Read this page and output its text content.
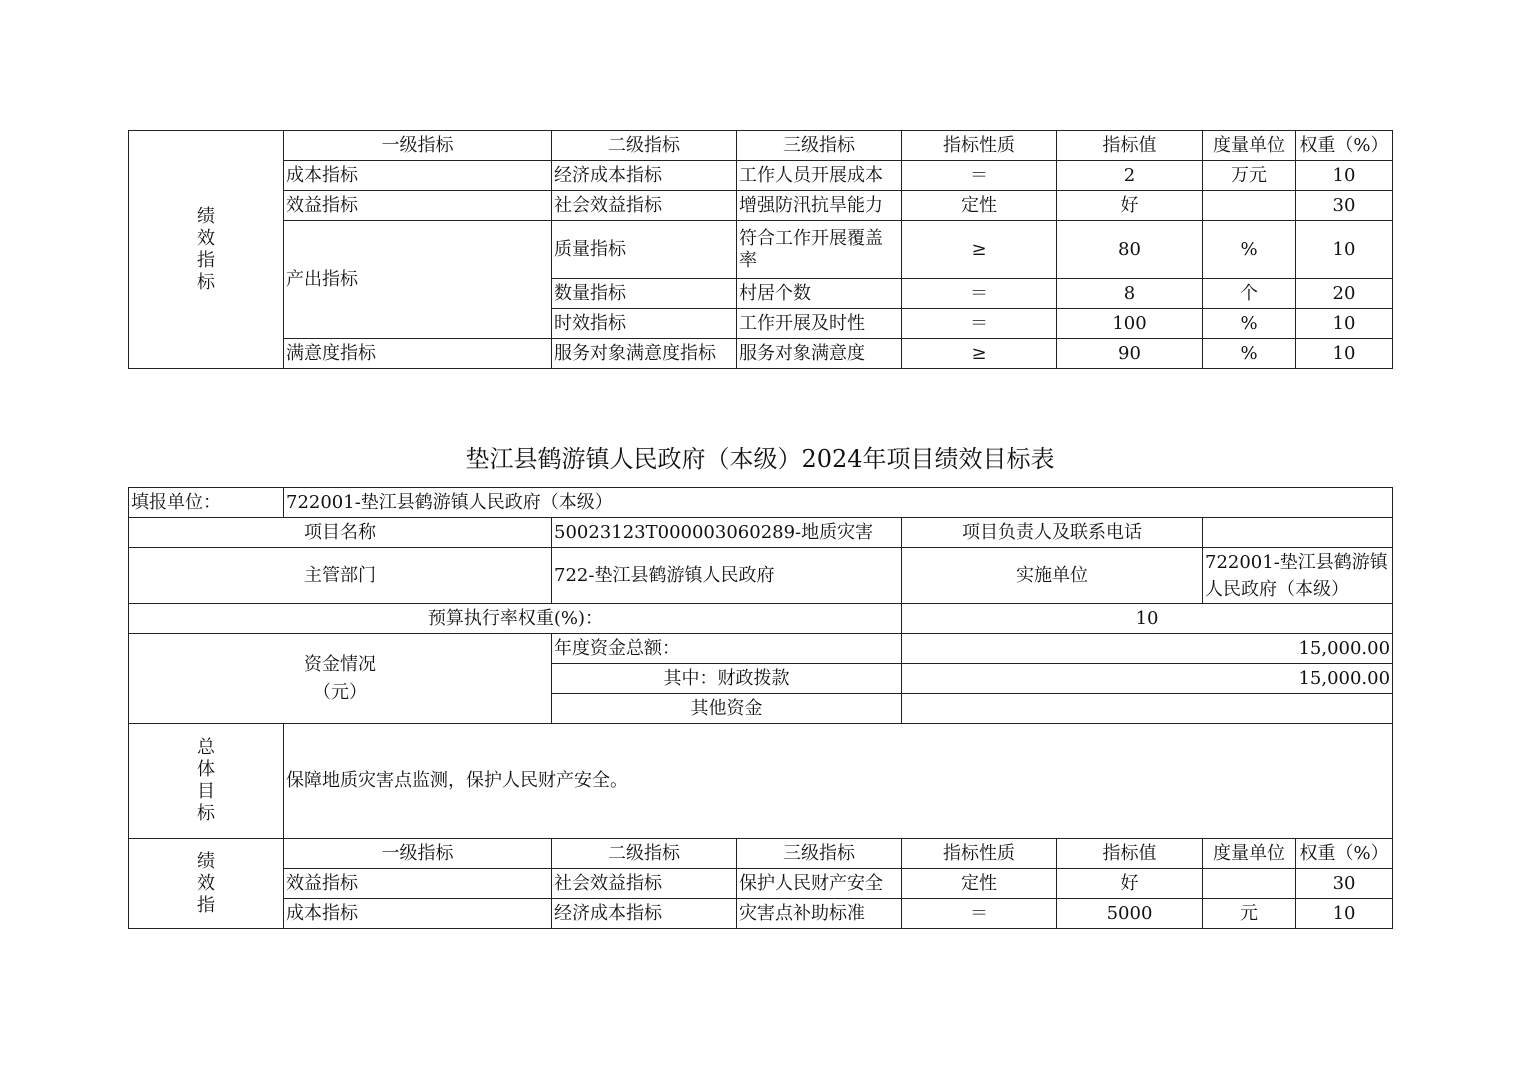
绩
效
指
标	一级指标	二级指标	三级指标	指标性质	指标值	度量单位	权重（%）
	成本指标	经济成本指标	工作人员开展成本	＝	2	万元	10
	效益指标	社会效益指标	增强防汛抗旱能力	定性	好		30
	产出指标	质量指标	符合工作开展覆盖率	≥	80	%	10
		数量指标	村居个数	＝	8	个	20
		时效指标	工作开展及时性	＝	100	%	10
	满意度指标	服务对象满意度指标	服务对象满意度	≥	90	%	10
垫江县鹤游镇人民政府（本级）2024年项目绩效目标表
填报单位：	722001-垫江县鹤游镇人民政府（本级）						
项目名称		50023123T000003060289-地质灾害		项目负责人及联系电话			
主管部门		722-垫江县鹤游镇人民政府		实施单位		722001-垫江县鹤游镇人民政府（本级）	
预算执行率权重(%)：				10			

资金情况
（元）		年度资金总额：		15,000.00			
		其中：财政拨款		15,000.00			
		其他资金					

总
体
目
标	保障地质灾害点监测，保护人民财产安全。						

绩
效
指	一级指标	二级指标	三级指标	指标性质	指标值	度量单位	权重（%）
	效益指标	社会效益指标	保护人民财产安全	定性	好		30
	成本指标	经济成本指标	灾害点补助标准	＝	5000	元	10
